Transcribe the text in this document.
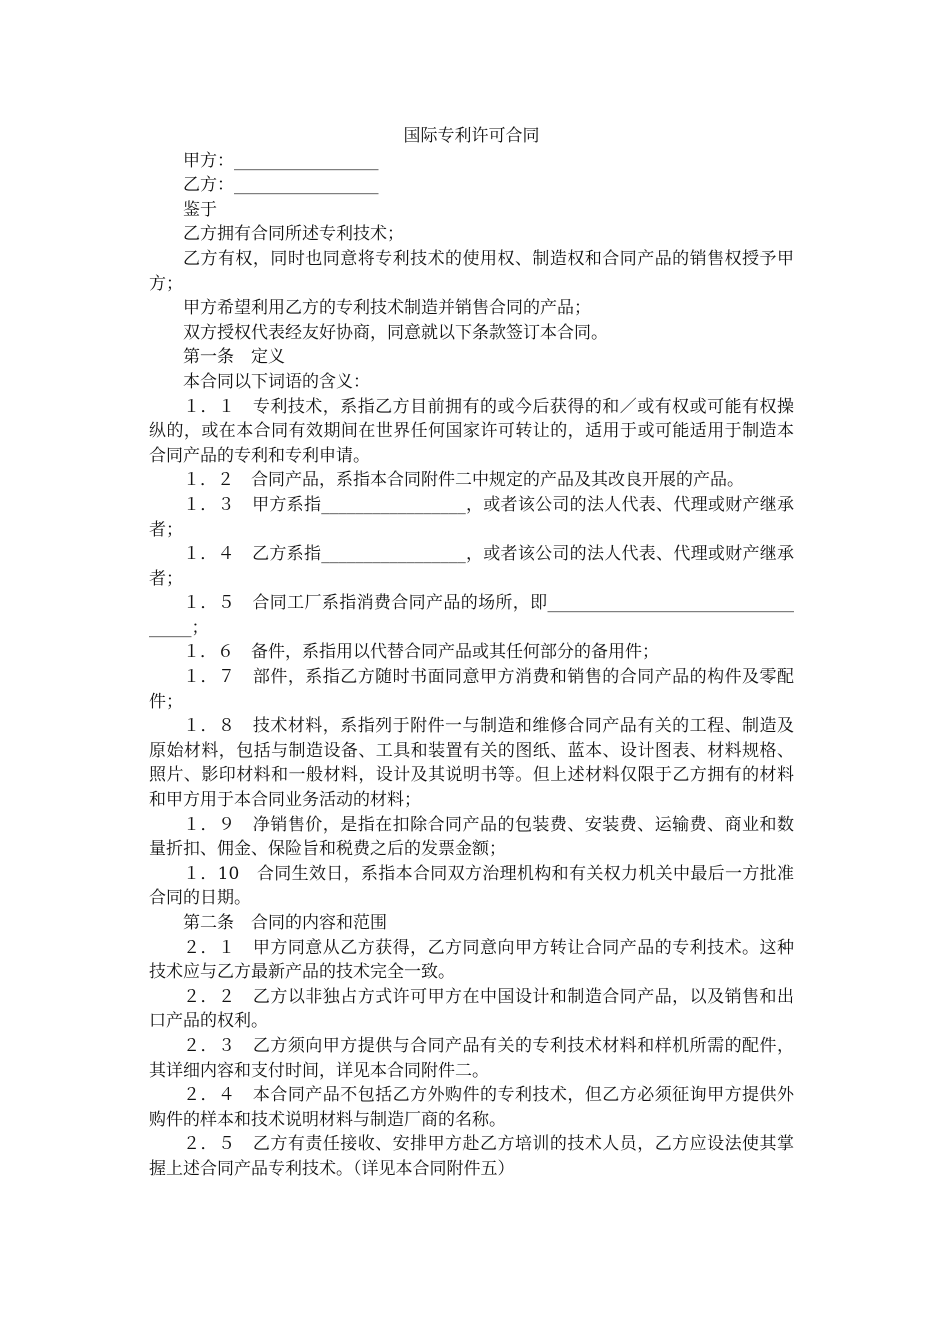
国际专利许可合同

甲方：_________________

乙方：_________________

鉴于

乙方拥有合同所述专利技术；

乙方有权，同时也同意将专利技术的使用权、制造权和合同产品的销售权授予甲方；

甲方希望利用乙方的专利技术制造并销售合同的产品；

双方授权代表经友好协商，同意就以下条款签订本合同。

第一条　定义

本合同以下词语的含义：

１．１　专利技术，系指乙方目前拥有的或今后获得的和／或有权或可能有权操纵的，或在本合同有效期间在世界任何国家许可转让的，适用于或可能适用于制造本合同产品的专利和专利申请。

１．２　合同产品，系指本合同附件二中规定的产品及其改良开展的产品。

１．３　甲方系指_________________，或者该公司的法人代表、代理或财产继承者；

１．４　乙方系指_________________，或者该公司的法人代表、代理或财产继承者；

１．５　合同工厂系指消费合同产品的场所，即__________________________________；

１．６　备件，系指用以代替合同产品或其任何部分的备用件；

１．７　部件，系指乙方随时书面同意甲方消费和销售的合同产品的构件及零配件；

１．８　技术材料，系指列于附件一与制造和维修合同产品有关的工程、制造及原始材料，包括与制造设备、工具和装置有关的图纸、蓝本、设计图表、材料规格、照片、影印材料和一般材料，设计及其说明书等。但上述材料仅限于乙方拥有的材料和甲方用于本合同业务活动的材料；

１．９　净销售价，是指在扣除合同产品的包装费、安装费、运输费、商业和数量折扣、佣金、保险旨和税费之后的发票金额；

１．10　合同生效日，系指本合同双方治理机构和有关权力机关中最后一方批准合同的日期。

第二条　合同的内容和范围

２．１　甲方同意从乙方获得，乙方同意向甲方转让合同产品的专利技术。这种技术应与乙方最新产品的技术完全一致。

２．２　乙方以非独占方式许可甲方在中国设计和制造合同产品，以及销售和出口产品的权利。

２．３　乙方须向甲方提供与合同产品有关的专利技术材料和样机所需的配件，其详细内容和支付时间，详见本合同附件二。

２．４　本合同产品不包括乙方外购件的专利技术，但乙方必须征询甲方提供外购件的样本和技术说明材料与制造厂商的名称。

２．５　乙方有责任接收、安排甲方赴乙方培训的技术人员，乙方应设法使其掌握上述合同产品专利技术。（详见本合同附件五）
